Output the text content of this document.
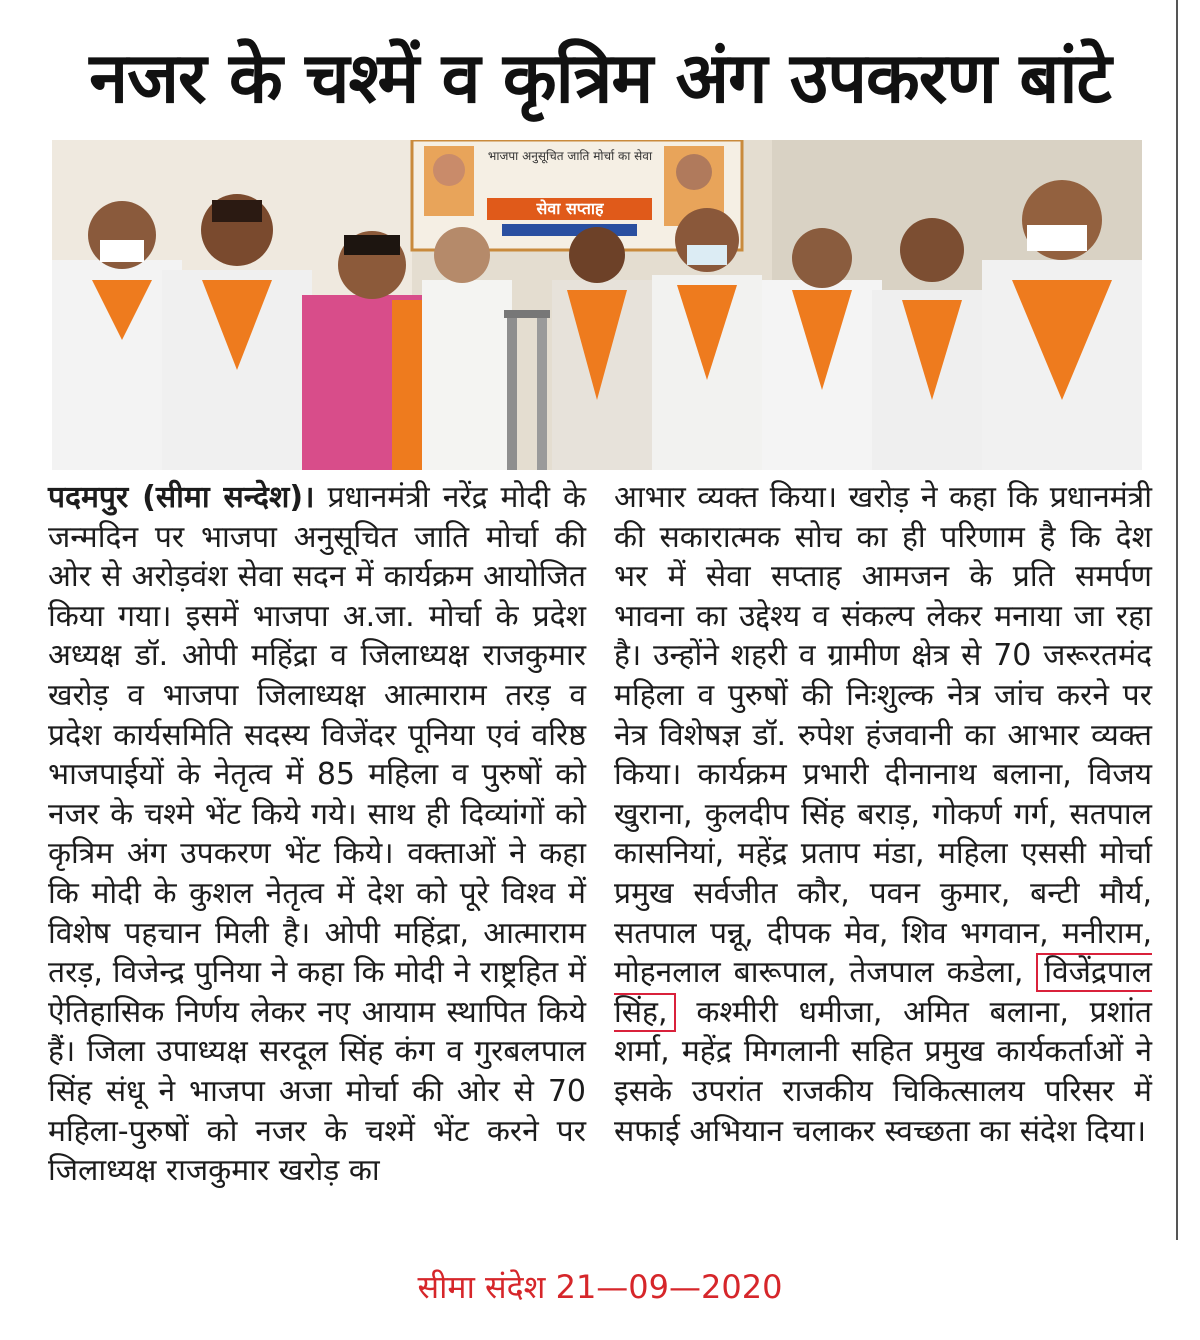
नजर के चश्में व कृत्रिम अंग उपकरण बांटे
भाजपा अनुसूचित जाति मोर्चा का सेवा
सेवा सप्ताह

पदमपुर (सीमा सन्देश)। प्रधानमंत्री नरेंद्र मोदी के जन्मदिन पर भाजपा अनुसूचित जाति मोर्चा की ओर से अरोड़वंश सेवा सदन में कार्यक्रम आयोजित किया गया। इसमें भाजपा अ.जा. मोर्चा के प्रदेश अध्यक्ष डॉ. ओपी महिंद्रा व जिलाध्यक्ष राजकुमार खरोड़ व भाजपा जिलाध्यक्ष आत्माराम तरड़ व प्रदेश कार्यसमिति सदस्य विजेंदर पूनिया एवं वरिष्ठ भाजपाईयों के नेतृत्व में 85 महिला व पुरुषों को नजर के चश्मे भेंट किये गये। साथ ही दिव्यांगों को कृत्रिम अंग उपकरण भेंट किये। वक्ताओं ने कहा कि मोदी के कुशल नेतृत्व में देश को पूरे विश्व में विशेष पहचान मिली है। ओपी महिंद्रा, आत्माराम तरड़, विजेन्द्र पुनिया ने कहा कि मोदी ने राष्ट्रहित में ऐतिहासिक निर्णय लेकर नए आयाम स्थापित किये हैं। जिला उपाध्यक्ष सरदूल सिंह कंग व गुरबलपाल सिंह संधू ने भाजपा अजा मोर्चा की ओर से 70 महिला-पुरुषों को नजर के चश्में भेंट करने पर जिलाध्यक्ष राजकुमार खरोड़ का

आभार व्यक्त किया। खरोड़ ने कहा कि प्रधानमंत्री की सकारात्मक सोच का ही परिणाम है कि देश भर में सेवा सप्ताह आमजन के प्रति समर्पण भावना का उद्देश्य व संकल्प लेकर मनाया जा रहा है। उन्होंने शहरी व ग्रामीण क्षेत्र से 70 जरूरतमंद महिला व पुरुषों की निःशुल्क नेत्र जांच करने पर नेत्र विशेषज्ञ डॉ. रुपेश हंजवानी का आभार व्यक्त किया। कार्यक्रम प्रभारी दीनानाथ बलाना, विजय खुराना, कुलदीप सिंह बराड़, गोकर्ण गर्ग, सतपाल कासनियां, महेंद्र प्रताप मंडा, महिला एससी मोर्चा प्रमुख सर्वजीत कौर, पवन कुमार, बन्टी मौर्य, सतपाल पन्नू, दीपक मेव, शिव भगवान, मनीराम, मोहनलाल बारूपाल, तेजपाल कडेला, विजेंद्रपाल सिंह, कश्मीरी धमीजा, अमित बलाना, प्रशांत शर्मा, महेंद्र मिगलानी सहित प्रमुख कार्यकर्ताओं ने इसके उपरांत राजकीय चिकित्सालय परिसर में सफाई अभियान चलाकर स्वच्छता का संदेश दिया।

सीमा संदेश 21—09—2020
